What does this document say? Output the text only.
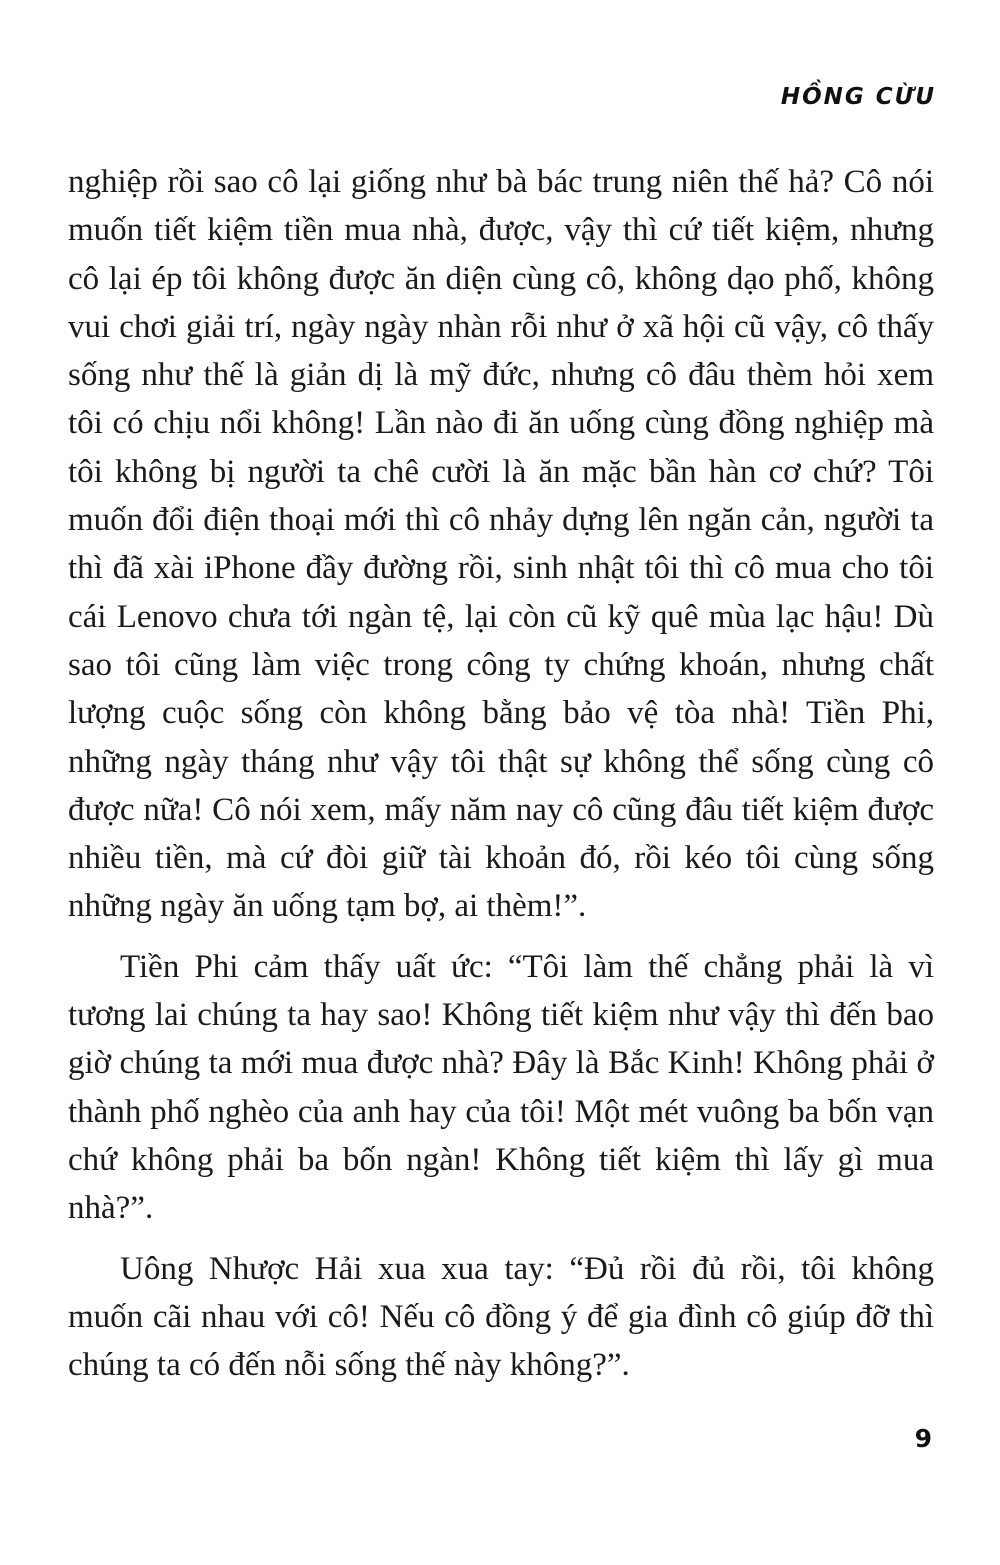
HỒNG CỪU

nghiệp rồi sao cô lại giống như bà bác trung niên thế hả? Cô nói muốn tiết kiệm tiền mua nhà, được, vậy thì cứ tiết kiệm, nhưng cô lại ép tôi không được ăn diện cùng cô, không dạo phố, không vui chơi giải trí, ngày ngày nhàn rỗi như ở xã hội cũ vậy, cô thấy sống như thế là giản dị là mỹ đức, nhưng cô đâu thèm hỏi xem tôi có chịu nổi không! Lần nào đi ăn uống cùng đồng nghiệp mà tôi không bị người ta chê cười là ăn mặc bần hàn cơ chứ? Tôi muốn đổi điện thoại mới thì cô nhảy dựng lên ngăn cản, người ta thì đã xài iPhone đầy đường rồi, sinh nhật tôi thì cô mua cho tôi cái Lenovo chưa tới ngàn tệ, lại còn cũ kỹ quê mùa lạc hậu! Dù sao tôi cũng làm việc trong công ty chứng khoán, nhưng chất lượng cuộc sống còn không bằng bảo vệ tòa nhà! Tiền Phi, những ngày tháng như vậy tôi thật sự không thể sống cùng cô được nữa! Cô nói xem, mấy năm nay cô cũng đâu tiết kiệm được nhiều tiền, mà cứ đòi giữ tài khoản đó, rồi kéo tôi cùng sống những ngày ăn uống tạm bợ, ai thèm!”.

Tiền Phi cảm thấy uất ức: “Tôi làm thế chẳng phải là vì tương lai chúng ta hay sao! Không tiết kiệm như vậy thì đến bao giờ chúng ta mới mua được nhà? Đây là Bắc Kinh! Không phải ở thành phố nghèo của anh hay của tôi! Một mét vuông ba bốn vạn chứ không phải ba bốn ngàn! Không tiết kiệm thì lấy gì mua nhà?”.

Uông Nhược Hải xua xua tay: “Đủ rồi đủ rồi, tôi không muốn cãi nhau với cô! Nếu cô đồng ý để gia đình cô giúp đỡ thì chúng ta có đến nỗi sống thế này không?”.

9
